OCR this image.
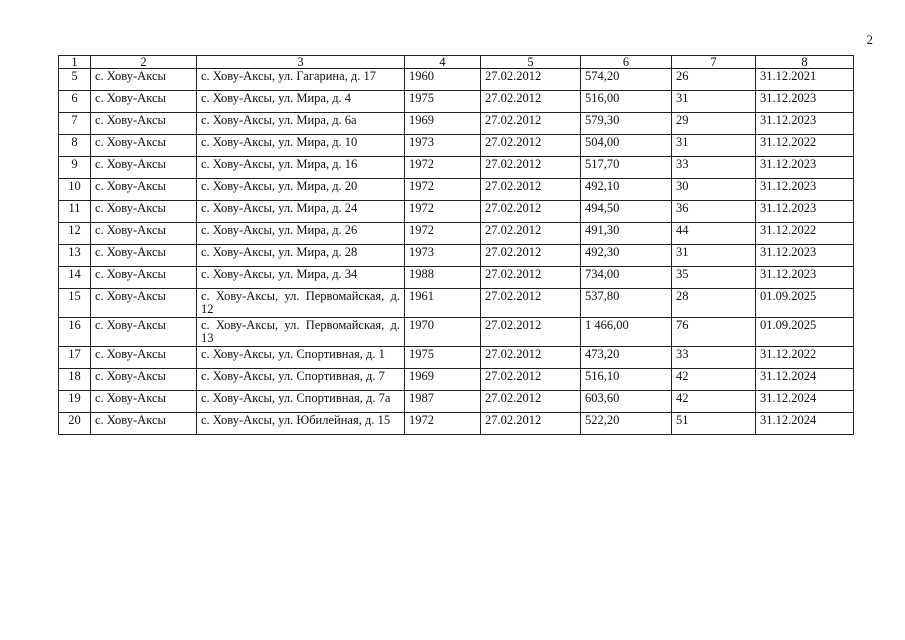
2
1	2	3	4	5	6	7	8
5	с. Хову-Аксы	с. Хову-Аксы, ул. Гагарина, д. 17	1960	27.02.2012	574,20	26	31.12.2021
6	с. Хову-Аксы	с. Хову-Аксы, ул. Мира, д. 4	1975	27.02.2012	516,00	31	31.12.2023
7	с. Хову-Аксы	с. Хову-Аксы, ул. Мира, д. 6а	1969	27.02.2012	579,30	29	31.12.2023
8	с. Хову-Аксы	с. Хову-Аксы, ул. Мира, д. 10	1973	27.02.2012	504,00	31	31.12.2022
9	с. Хову-Аксы	с. Хову-Аксы, ул. Мира, д. 16	1972	27.02.2012	517,70	33	31.12.2023
10	с. Хову-Аксы	с. Хову-Аксы, ул. Мира, д. 20	1972	27.02.2012	492,10	30	31.12.2023
11	с. Хову-Аксы	с. Хову-Аксы, ул. Мира, д. 24	1972	27.02.2012	494,50	36	31.12.2023
12	с. Хову-Аксы	с. Хову-Аксы, ул. Мира, д. 26	1972	27.02.2012	491,30	44	31.12.2022
13	с. Хову-Аксы	с. Хову-Аксы, ул. Мира, д. 28	1973	27.02.2012	492,30	31	31.12.2023
14	с. Хову-Аксы	с. Хову-Аксы, ул. Мира, д. 34	1988	27.02.2012	734,00	35	31.12.2023
15	с. Хову-Аксы	с. Хову-Аксы, ул. Первомайская, д. 12	1961	27.02.2012	537,80	28	01.09.2025
16	с. Хову-Аксы	с. Хову-Аксы, ул. Первомайская, д. 13	1970	27.02.2012	1 466,00	76	01.09.2025
17	с. Хову-Аксы	с. Хову-Аксы, ул. Спортивная, д. 1	1975	27.02.2012	473,20	33	31.12.2022
18	с. Хову-Аксы	с. Хову-Аксы, ул. Спортивная, д. 7	1969	27.02.2012	516,10	42	31.12.2024
19	с. Хову-Аксы	с. Хову-Аксы, ул. Спортивная, д. 7а	1987	27.02.2012	603,60	42	31.12.2024
20	с. Хову-Аксы	с. Хову-Аксы, ул. Юбилейная, д. 15	1972	27.02.2012	522,20	51	31.12.2024
